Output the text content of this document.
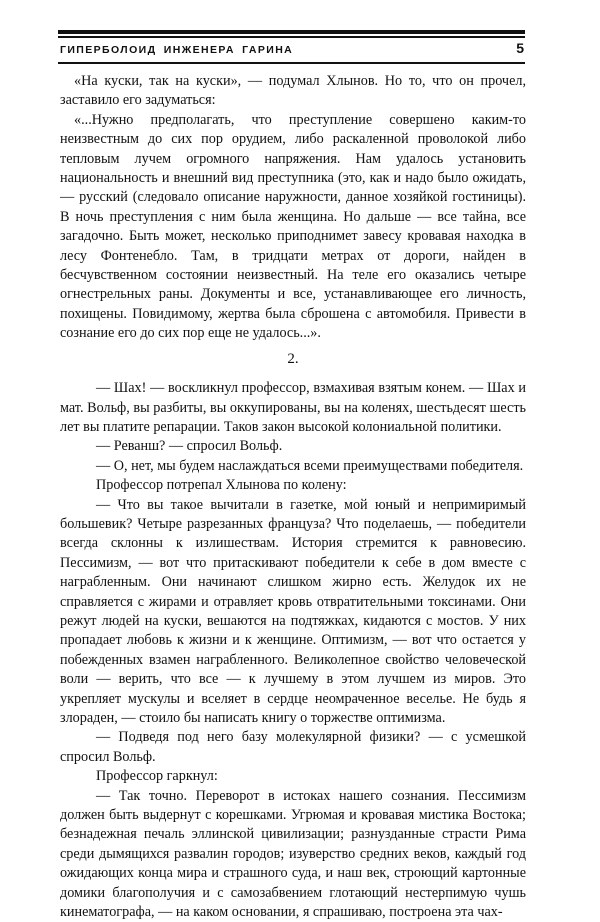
ГИПЕРБОЛОИД ИНЖЕНЕРА ГАРИНА	5

«На куски, так на куски», — подумал Хлынов. Но то, что он прочел, заставило его задуматься:

«...Нужно предполагать, что преступление совершено каким-то неизвестным до сих пор орудием, либо раскаленной проволокой либо тепловым лучем огромного напряжения. Нам удалось установить национальность и внешний вид преступника (это, как и надо было ожидать, — русский (следовало описание наружности, данное хозяйкой гостиницы). В ночь преступления с ним была женщина. Но дальше — все тайна, все загадочно. Быть может, несколько приподнимет завесу кровавая находка в лесу Фонтенебло. Там, в тридцати метрах от дороги, найден в бесчувственном состоянии неизвестный. На теле его оказались четыре огнестрельных раны. Документы и все, устанавливающее его личность, похищены. Повидимому, жертва была сброшена с автомобиля. Привести в сознание его до сих пор еще не удалось...».

2.

— Шах! — воскликнул профессор, взмахивая взятым конем. — Шах и мат. Вольф, вы разбиты, вы оккупированы, вы на коленях, шестьдесят шесть лет вы платите репарации. Таков закон высокой колониальной политики.

— Реванш? — спросил Вольф.

— О, нет, мы будем наслаждаться всеми преимуществами победителя.

Профессор потрепал Хлынова по колену:

— Что вы такое вычитали в газетке, мой юный и непримиримый большевик? Четыре разрезанных француза? Что поделаешь, — победители всегда склонны к излишествам. История стремится к равновесию. Пессимизм, — вот что притаскивают победители к себе в дом вместе с награбленным. Они начинают слишком жирно есть. Желудок их не справляется с жирами и отравляет кровь отвратительными токсинами. Они режут людей на куски, вешаются на подтяжках, кидаются с мостов. У них пропадает любовь к жизни и к женщине. Оптимизм, — вот что остается у побежденных взамен награбленного. Великолепное свойство человеческой воли — верить, что все — к лучшему в этом лучшем из миров. Это укрепляет мускулы и вселяет в сердце неомраченное веселье. Не будь я злораден, — стоило бы написать книгу о торжестве оптимизма.

— Подведя под него базу молекулярной физики? — с усмешкой спросил Вольф.

Профессор гаркнул:

— Так точно. Переворот в истоках нашего сознания. Пессимизм должен быть выдернут с корешками. Угрюмая и кровавая мистика Востока; безнадежная печаль эллинской цивилизации; разнузданные страсти Рима среди дымящихся развалин городов; изуверство средних веков, каждый год ожидающих конца мира и страшного суда, и наш век, строющий картонные домики благополучия и с самозабвением глотающий нестерпимую чушь кинематографа, — на каком основании, я спрашиваю, построена эта чах-
